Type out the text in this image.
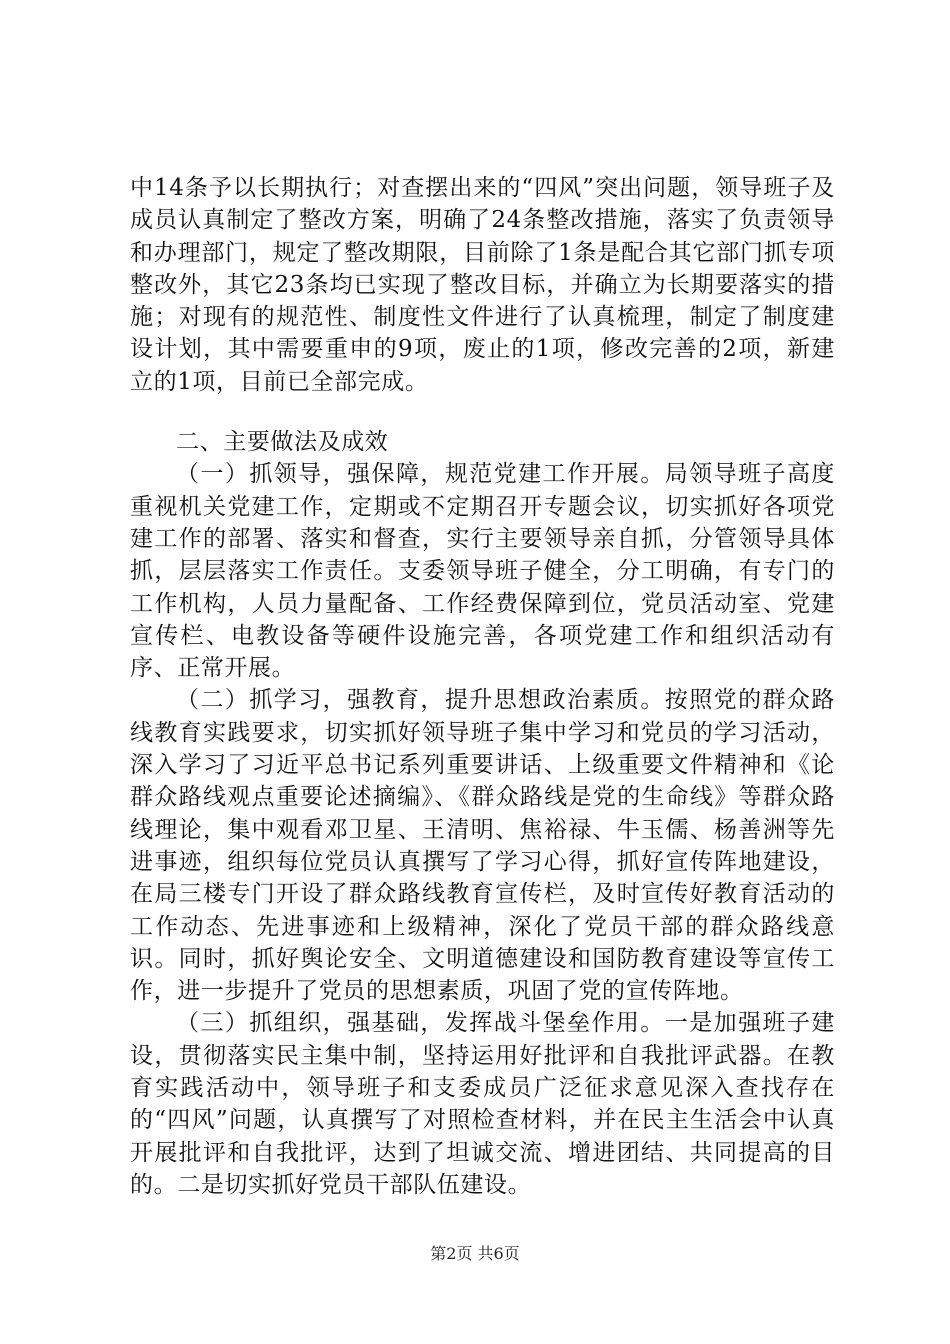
中14条予以长期执行；对查摆出来的“四风”突出问题，领导班子及成员认真制定了整改方案，明确了24条整改措施，落实了负责领导和办理部门，规定了整改期限，目前除了1条是配合其它部门抓专项整改外，其它23条均已实现了整改目标，并确立为长期要落实的措施；对现有的规范性、制度性文件进行了认真梳理，制定了制度建设计划，其中需要重申的9项，废止的1项，修改完善的2项，新建立的1项，目前已全部完成。

二、主要做法及成效

（一）抓领导，强保障，规范党建工作开展。局领导班子高度重视机关党建工作，定期或不定期召开专题会议，切实抓好各项党建工作的部署、落实和督查，实行主要领导亲自抓，分管领导具体抓，层层落实工作责任。支委领导班子健全，分工明确，有专门的工作机构，人员力量配备、工作经费保障到位，党员活动室、党建宣传栏、电教设备等硬件设施完善，各项党建工作和组织活动有序、正常开展。

（二）抓学习，强教育，提升思想政治素质。按照党的群众路线教育实践要求，切实抓好领导班子集中学习和党员的学习活动，深入学习了习近平总书记系列重要讲话、上级重要文件精神和《论群众路线观点重要论述摘编》、《群众路线是党的生命线》等群众路线理论，集中观看邓卫星、王清明、焦裕禄、牛玉儒、杨善洲等先进事迹，组织每位党员认真撰写了学习心得，抓好宣传阵地建设，在局三楼专门开设了群众路线教育宣传栏，及时宣传好教育活动的工作动态、先进事迹和上级精神，深化了党员干部的群众路线意识。同时，抓好舆论安全、文明道德建设和国防教育建设等宣传工作，进一步提升了党员的思想素质，巩固了党的宣传阵地。

（三）抓组织，强基础，发挥战斗堡垒作用。一是加强班子建设，贯彻落实民主集中制，坚持运用好批评和自我批评武器。在教育实践活动中，领导班子和支委成员广泛征求意见深入查找存在的“四风”问题，认真撰写了对照检查材料，并在民主生活会中认真开展批评和自我批评，达到了坦诚交流、增进团结、共同提高的目的。二是切实抓好党员干部队伍建设。

第2页 共6页
